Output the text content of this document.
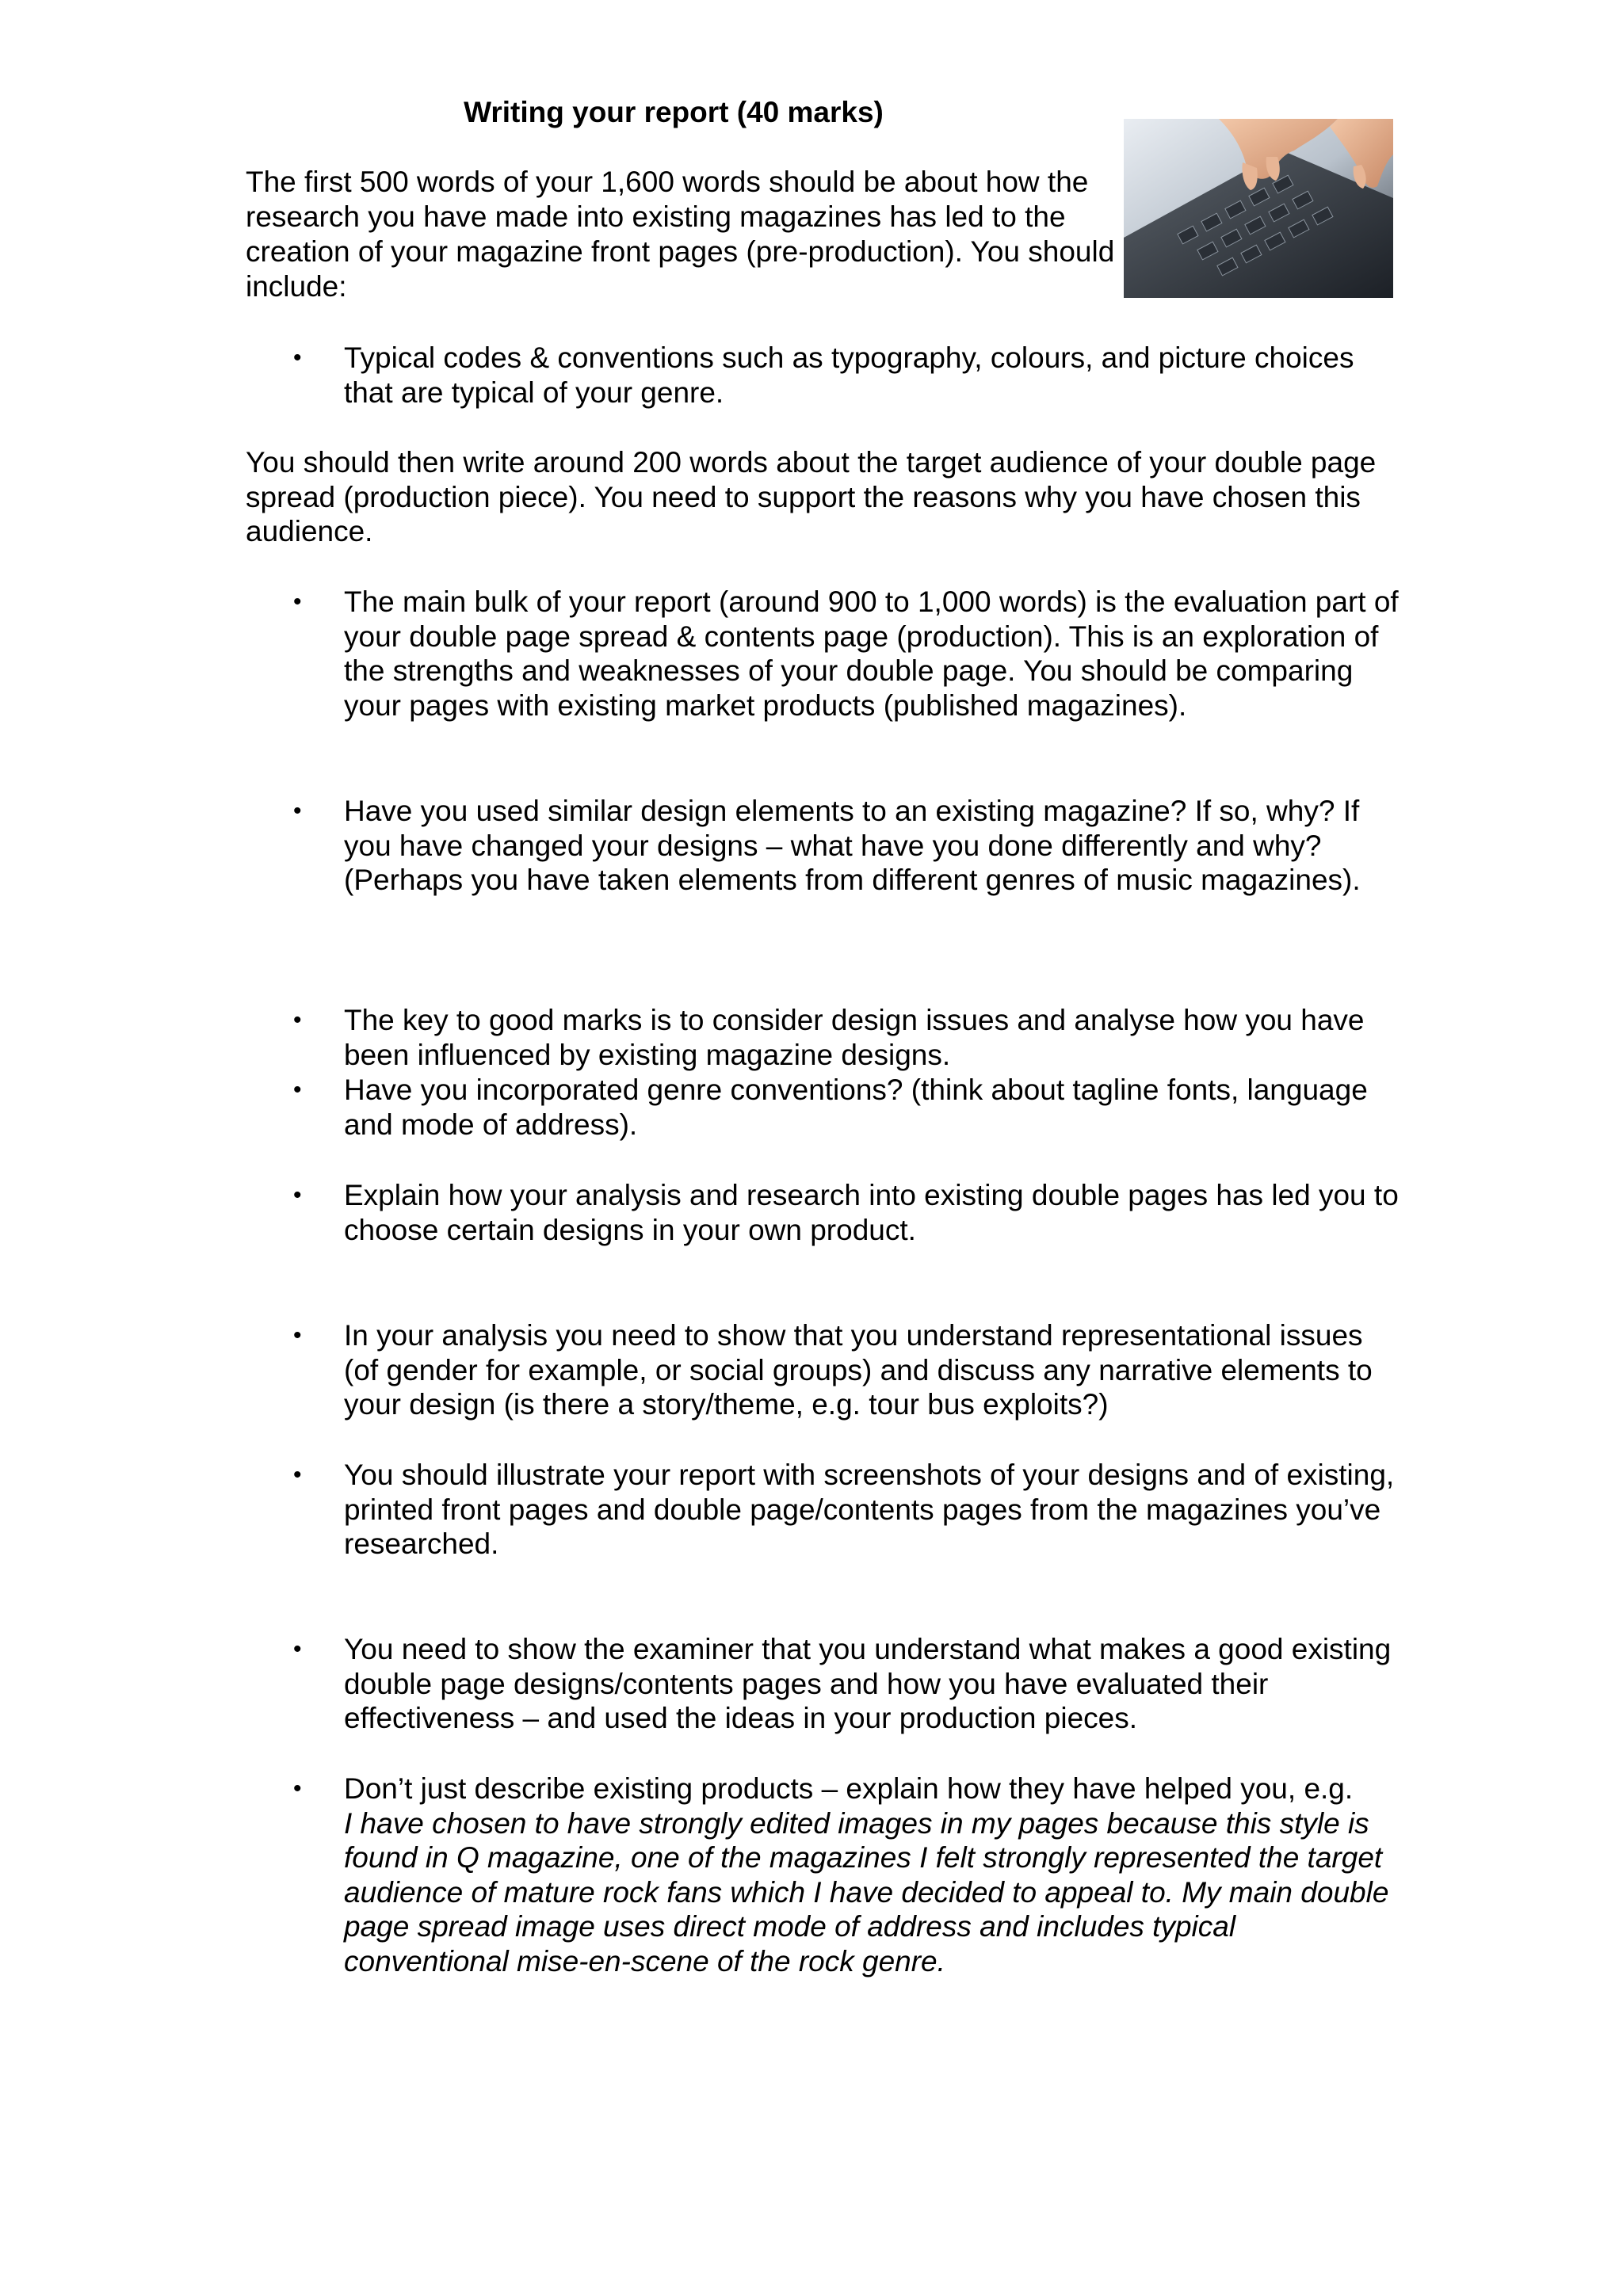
Writing your report (40 marks)

The first 500 words of your 1,600 words should be about how the research you have made into existing magazines has led to the creation of your magazine front pages (pre-production). You should include:

•	Typical codes & conventions such as typography, colours, and picture choices that are typical of your genre.

You should then write around 200 words about the target audience of your double page spread (production piece). You need to support the reasons why you have chosen this audience.

•	The main bulk of your report (around 900 to 1,000 words) is the evaluation part of your double page spread & contents page (production). This is an exploration of the strengths and weaknesses of your double page. You should be comparing your pages with existing market products (published magazines).
•	Have you used similar design elements to an existing magazine? If so, why? If you have changed your designs – what have you done differently and why? (Perhaps you have taken elements from different genres of music magazines).
•	The key to good marks is to consider design issues and analyse how you have been influenced by existing magazine designs.
•	Have you incorporated genre conventions? (think about tagline fonts, language and mode of address).
•	Explain how your analysis and research into existing double pages has led you to choose certain designs in your own product.
•	In your analysis you need to show that you understand representational issues (of gender for example, or social groups) and discuss any narrative elements to your design (is there a story/theme, e.g. tour bus exploits?)
•	You should illustrate your report with screenshots of your designs and of existing, printed front pages and double page/contents pages from the magazines you’ve researched.
•	You need to show the examiner that you understand what makes a good existing double page designs/contents pages and how you have evaluated their effectiveness – and used the ideas in your production pieces.
•	Don’t just describe existing products – explain how they have helped you, e.g.
I have chosen to have strongly edited images in my pages because this style is found in Q magazine, one of the magazines I felt strongly represented the target audience of mature rock fans which I have decided to appeal to. My main double page spread image uses direct mode of address and includes typical conventional mise-en-scene of the rock genre.
